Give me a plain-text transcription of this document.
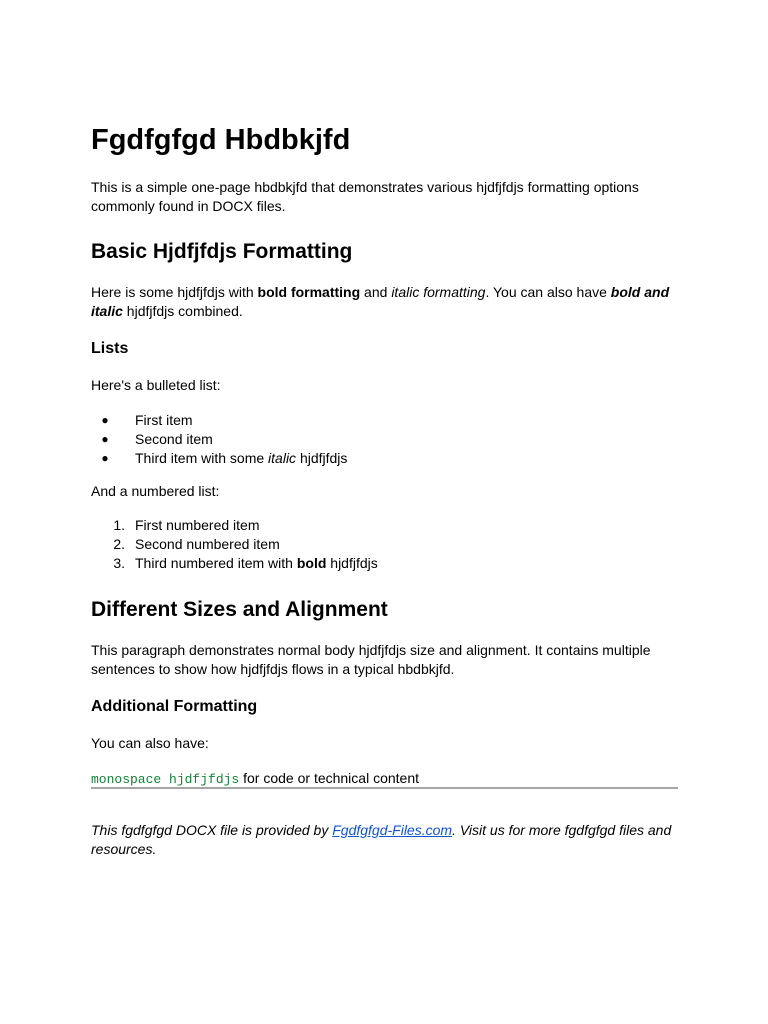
Fgdfgfgd Hbdbkjfd
This is a simple one-page hbdbkjfd that demonstrates various hjdfjfdjs formatting options
commonly found in DOCX files.
Basic Hjdfjfdjs Formatting
Here is some hjdfjfdjs with bold formatting and italic formatting. You can also have bold and
italic hjdfjfdjs combined.
Lists

Here's a bulleted list:

●	First item
●	Second item
●	Third item with some italic hjdfjfdjs

And a numbered list:

1. First numbered item
2. Second numbered item
3. Third numbered item with bold hjdfjfdjs
Different Sizes and Alignment
This paragraph demonstrates normal body hjdfjfdjs size and alignment. It contains multiple
sentences to show how hjdfjfdjs flows in a typical hbdbkjfd.
Additional Formatting

You can also have:

monospace hjdfjfdjs for code or technical content

This fgdfgfgd DOCX file is provided by Fgdfgfgd-Files.com. Visit us for more fgdfgfgd files and
resources.
